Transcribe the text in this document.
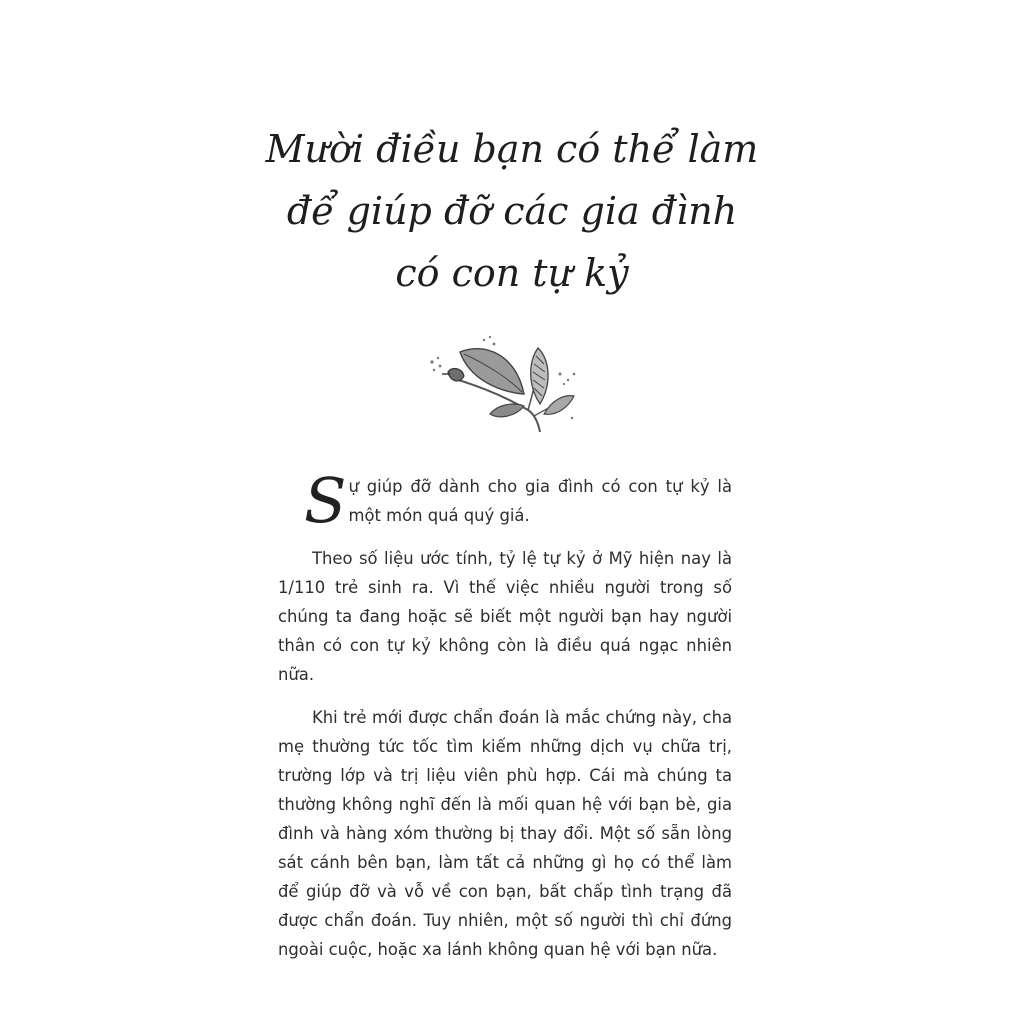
Mười điều bạn có thể làm
để giúp đỡ các gia đình
có con tự kỷ

Sự giúp đỡ dành cho gia đình có con tự kỷ là một món quá quý giá.

Theo số liệu ước tính, tỷ lệ tự kỷ ở Mỹ hiện nay là 1/110 trẻ sinh ra. Vì thế việc nhiều người trong số chúng ta đang hoặc sẽ biết một người bạn hay người thân có con tự kỷ không còn là điều quá ngạc nhiên nữa.

Khi trẻ mới được chẩn đoán là mắc chứng này, cha mẹ thường tức tốc tìm kiếm những dịch vụ chữa trị, trường lớp và trị liệu viên phù hợp. Cái mà chúng ta thường không nghĩ đến là mối quan hệ với bạn bè, gia đình và hàng xóm thường bị thay đổi. Một số sẵn lòng sát cánh bên bạn, làm tất cả những gì họ có thể làm để giúp đỡ và vỗ về con bạn, bất chấp tình trạng đã được chẩn đoán. Tuy nhiên, một số người thì chỉ đứng ngoài cuộc, hoặc xa lánh không quan hệ với bạn nữa.
